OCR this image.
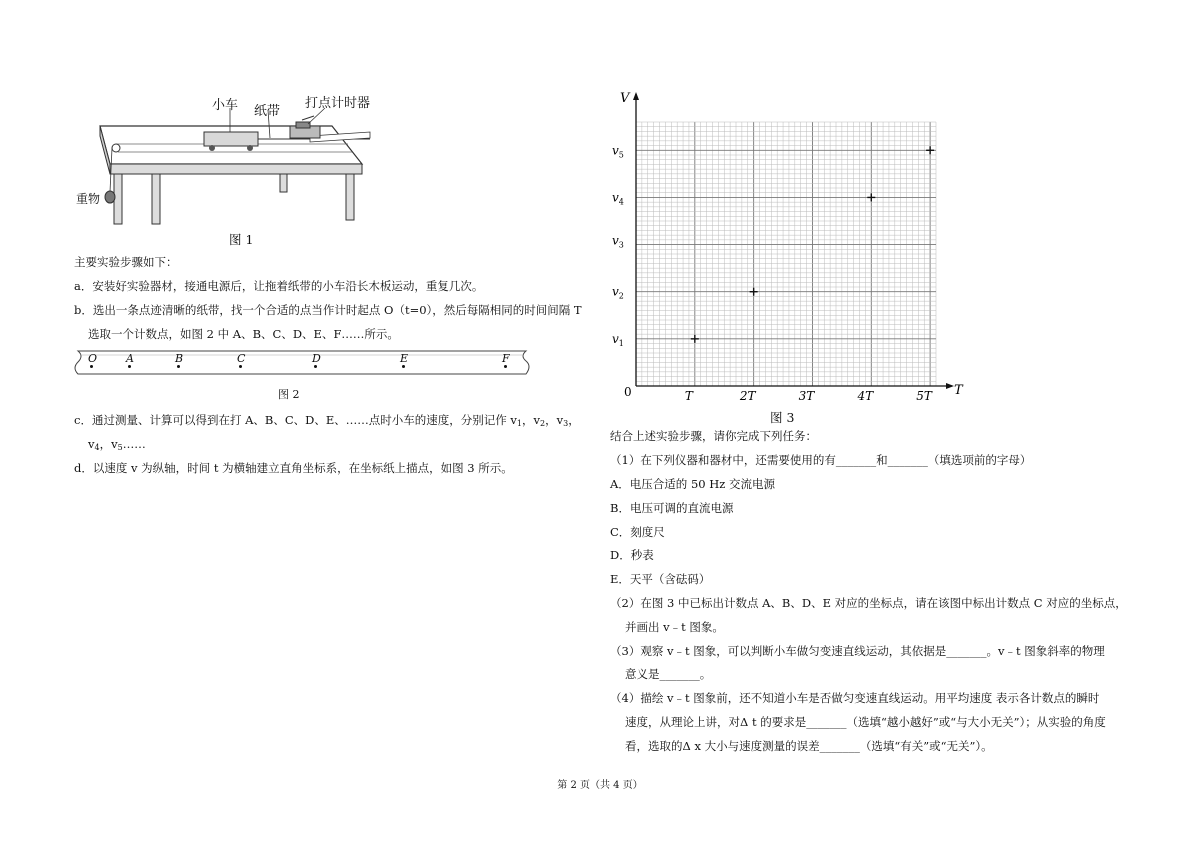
小车 纸带
打点计时器
重物
图 1
主要实验步骤如下：
a．安装好实验器材，接通电源后，让拖着纸带的小车沿长木板运动，重复几次。
b．选出一条点迹清晰的纸带，找一个合适的点当作计时起点 O（t=0），然后每隔相同的时间间隔 T
选取一个计数点，如图 2 中 A、B、C、D、E、F……所示。
O	A	B	C	D	E	F
图 2
c．通过测量、计算可以得到在打 A、B、C、D、E、……点时小车的速度，分别记作 $v_1$，$v_2$，$v_3$，
$v_4$，$v_5\dots\dots$
d．以速度 v 为纵轴，时间 t 为横轴建立直角坐标系，在坐标纸上描点，如图 3 所示。
V
T
0
$v_1$
$v_2$
$v_3$
$v_4$
$v_5$
T	2T	3T	4T	5T
图 3
结合上述实验步骤，请你完成下列任务：
（1）在下列仪器和器材中，还需要使用的有_______和_______（填选项前的字母）
A．电压合适的 50 Hz 交流电源
B．电压可调的直流电源
C．刻度尺
D．秒表
E．天平（含砝码）
（2）在图 3 中已标出计数点 A、B、D、E 对应的坐标点，请在该图中标出计数点 C 对应的坐标点，
并画出 v﹣t 图象。
（3）观察 v﹣t 图象，可以判断小车做匀变速直线运动，其依据是_______。v﹣t 图象斜率的物理
意义是_______。
（4）描绘 v﹣t 图象前，还不知道小车是否做匀变速直线运动。用平均速度 表示各计数点的瞬时
速度，从理论上讲，对Δ t 的要求是_______（选填“越小越好”或“与大小无关”）；从实验的角度
看，选取的Δ x 大小与速度测量的误差_______（选填“有关”或“无关”）。
第 2 页（共 4 页）
